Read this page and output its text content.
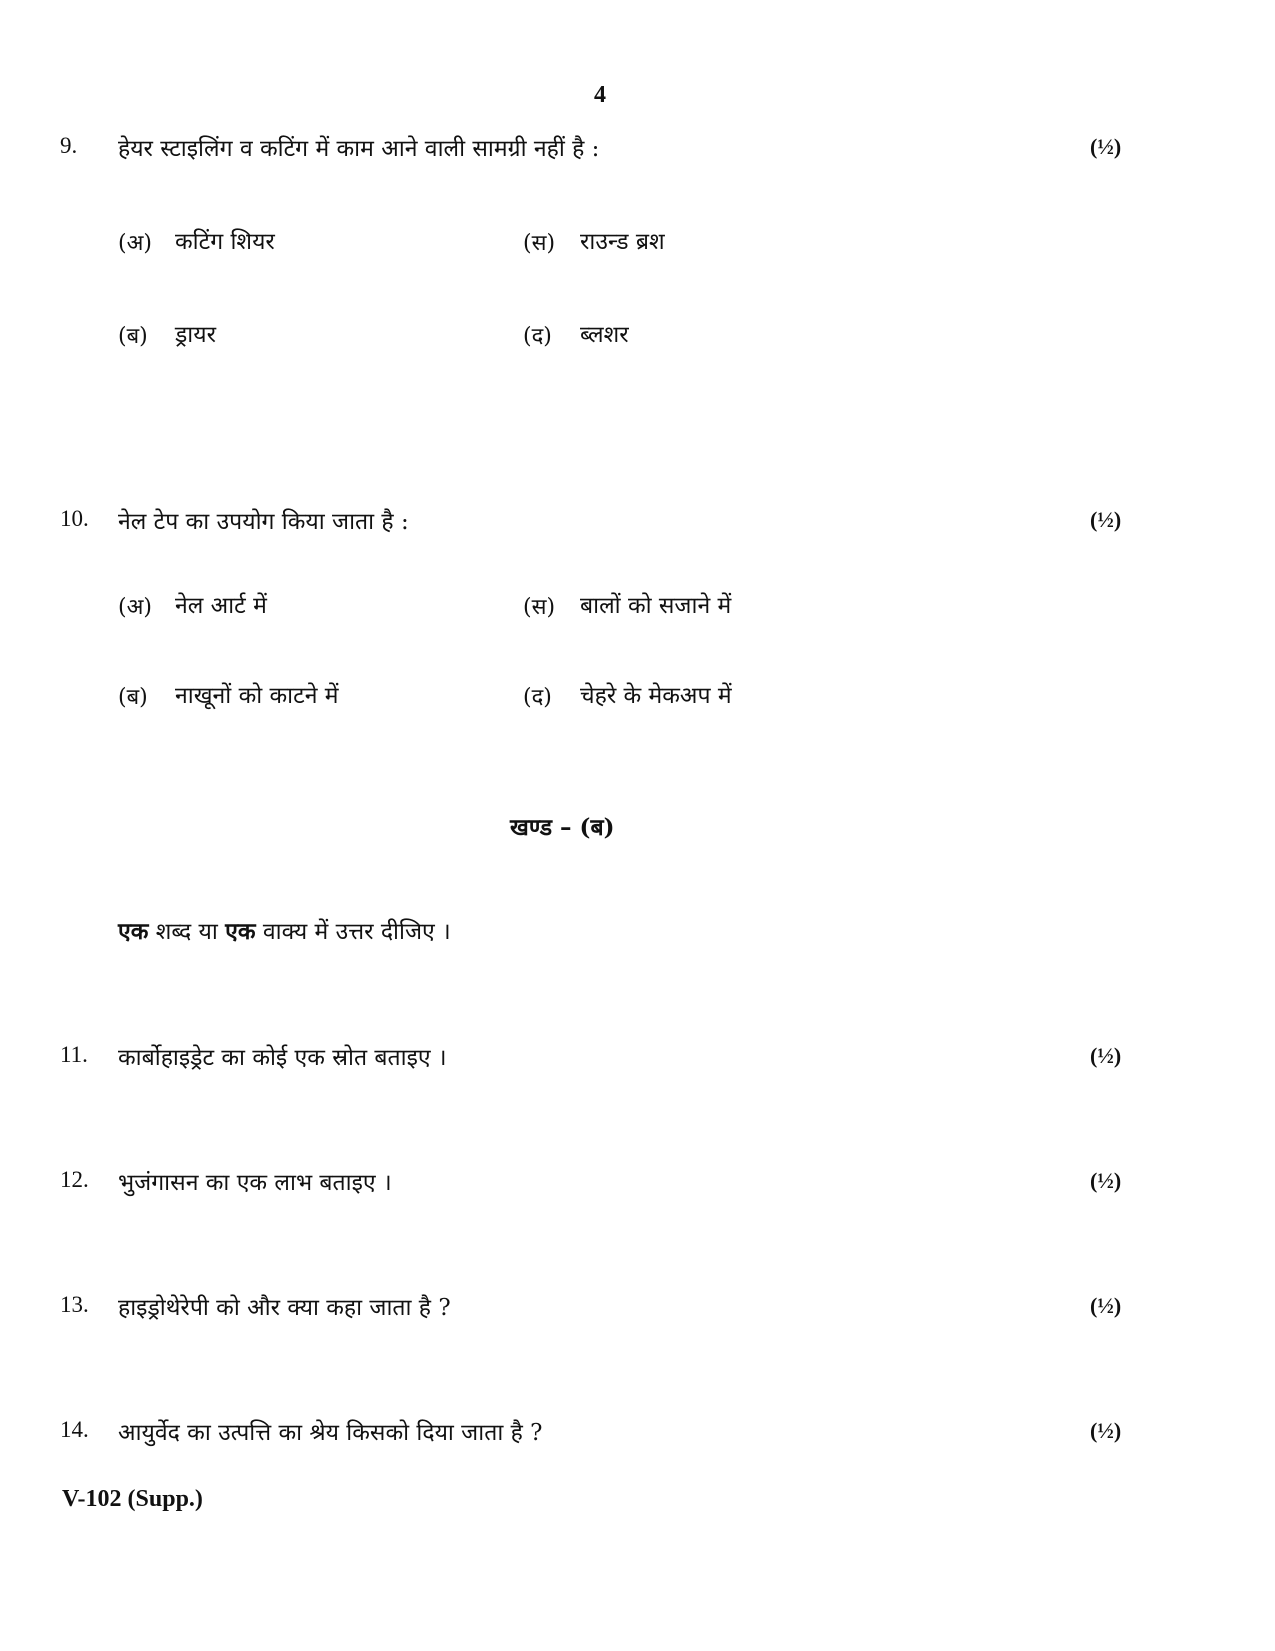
4
9. हेयर स्टाइलिंग व कटिंग में काम आने वाली सामग्री नहीं है :	(½)
(अ) कटिंग शियर	(स) राउन्ड ब्रश
(ब) ड्रायर	(द) ब्लशर
10. नेल टेप का उपयोग किया जाता है :	(½)
(अ) नेल आर्ट में	(स) बालों को सजाने में
(ब) नाखूनों को काटने में	(द) चेहरे के मेकअप में
खण्ड – (ब)
एक शब्द या एक वाक्य में उत्तर दीजिए ।
11. कार्बोहाइड्रेट का कोई एक स्रोत बताइए ।	(½)
12. भुजंगासन का एक लाभ बताइए ।	(½)
13. हाइड्रोथेरेपी को और क्या कहा जाता है ?	(½)
14. आयुर्वेद का उत्पत्ति का श्रेय किसको दिया जाता है ?	(½)
V-102 (Supp.)
